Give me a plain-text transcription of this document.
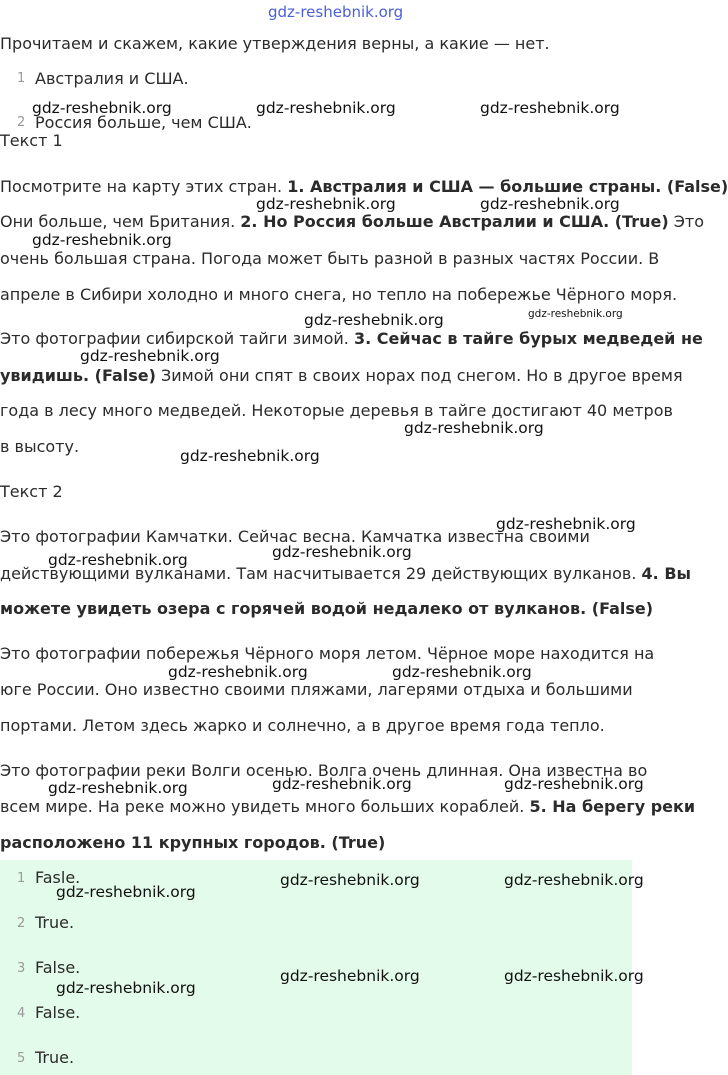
gdz-reshebnik.org
Прочитаем и скажем, какие утверждения верны, а какие — нет.
1 Австралия и США.
2 Россия больше, чем США.
Текст 1
Посмотрите на карту этих стран. 1. Австралия и США — большие страны. (False)
Они больше, чем Британия. 2. Но Россия больше Австралии и США. (True) Это
очень большая страна. Погода может быть разной в разных частях России. В
апреле в Сибири холодно и много снега, но тепло на побережье Чёрного моря.
Это фотографии сибирской тайги зимой. 3. Сейчас в тайге бурых медведей не
увидишь. (False) Зимой они спят в своих норах под снегом. Но в другое время
года в лесу много медведей. Некоторые деревья в тайге достигают 40 метров
в высоту.
Текст 2
Это фотографии Камчатки. Сейчас весна. Камчатка известна своими
действующими вулканами. Там насчитывается 29 действующих вулканов. 4. Вы
можете увидеть озера с горячей водой недалеко от вулканов. (False)
Это фотографии побережья Чёрного моря летом. Чёрное море находится на
юге России. Оно известно своими пляжами, лагерями отдыха и большими
портами. Летом здесь жарко и солнечно, а в другое время года тепло.
Это фотографии реки Волги осенью. Волга очень длинная. Она известна во
всем мире. На реке можно увидеть много больших кораблей. 5. На берегу реки
расположено 11 крупных городов. (True)
1 Fasle.
2 True.
3 False.
4 False.
5 True.
gdz-reshebnik.org	gdz-reshebnik.org	gdz-reshebnik.org
gdz-reshebnik.org	gdz-reshebnik.org
gdz-reshebnik.org
gdz-reshebnik.org	gdz-reshebnik.org
gdz-reshebnik.org
gdz-reshebnik.org
gdz-reshebnik.org
gdz-reshebnik.org
gdz-reshebnik.org
gdz-reshebnik.org
gdz-reshebnik.org	gdz-reshebnik.org
gdz-reshebnik.org
gdz-reshebnik.org
gdz-reshebnik.org
gdz-reshebnik.org
gdz-reshebnik.org	gdz-reshebnik.org
gdz-reshebnik.org	gdz-reshebnik.org
gdz-reshebnik.org
